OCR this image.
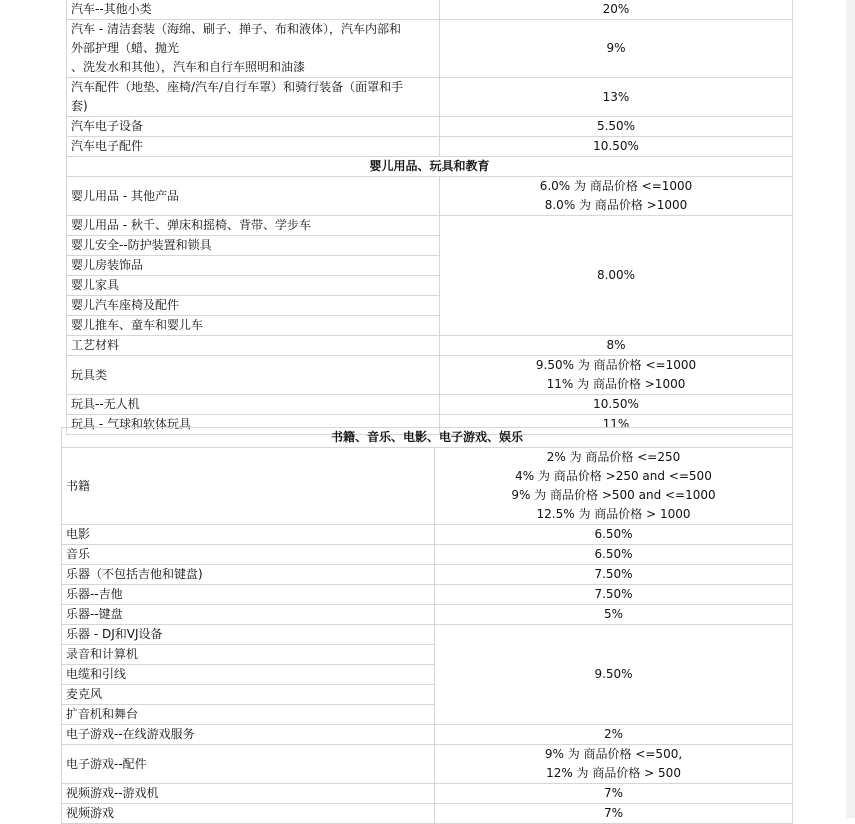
汽车--其他小类	20%

汽车 - 清洁套装（海绵、刷子、掸子、布和液体），汽车内部和
外部护理（蜡、抛光
、洗发水和其他），汽车和自行车照明和油漆	9%

汽车配件（地垫、座椅/汽车/自行车罩）和骑行装备（面罩和手
套)	13%
汽车电子设备	5.50%
汽车电子配件	10.50%
婴儿用品、玩具和教育	
婴儿用品 - 其他产品	6.0% 为 商品价格 <=1000
8.0% 为 商品价格 >1000

婴儿用品 - 秋千、弹床和摇椅、背带、学步车	8.00%
婴儿安全--防护装置和锁具	
婴儿房装饰品	
婴儿家具	
婴儿汽车座椅及配件	
婴儿推车、童车和婴儿车	
工艺材料	8%
玩具类	9.50% 为 商品价格 <=1000
11% 为 商品价格 >1000

玩具--无人机	10.50%
玩具 - 气球和软体玩具	11%
书籍、音乐、电影、电子游戏、娱乐	
书籍	2% 为 商品价格 <=250
4% 为 商品价格 >250 and <=500
9% 为 商品价格 >500 and <=1000
12.5% 为 商品价格 > 1000

电影	6.50%
音乐	6.50%
乐器（不包括吉他和键盘)	7.50%
乐器--吉他	7.50%
乐器--键盘	5%
乐器 - DJ和VJ设备	9.50%
录音和计算机	
电缆和引线	
麦克风	
扩音机和舞台	
电子游戏--在线游戏服务	2%
电子游戏--配件	9% 为 商品价格 <=500,
12% 为 商品价格 > 500

视频游戏--游戏机	7%
视频游戏	7%
